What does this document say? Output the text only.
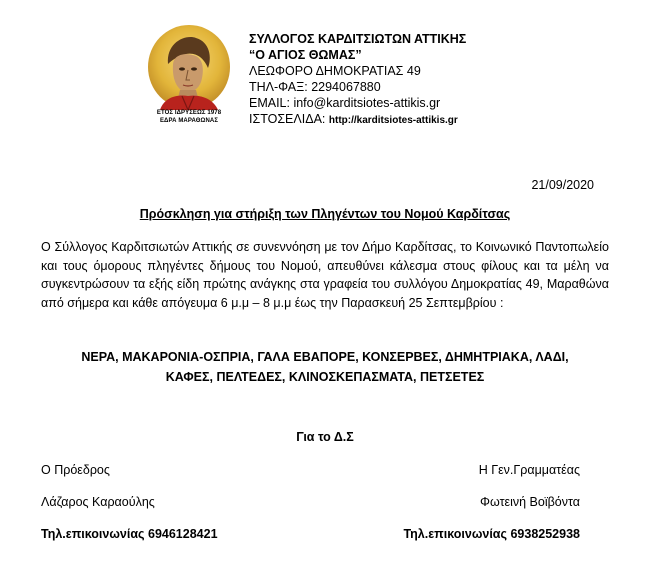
ΕΤΟΣ ΙΔΡΥΣΕΩΣ 1978
ΕΔΡΑ ΜΑΡΑΘΩΝΑΣ
ΣΥΛΛΟΓΟΣ ΚΑΡΔΙΤΣΙΩΤΩΝ ΑΤΤΙΚΗΣ
“Ο ΑΓΙΟΣ ΘΩΜΑΣ”
ΛΕΩΦΟΡΟ ΔΗΜΟΚΡΑΤΙΑΣ 49
ΤΗΛ-ΦΑΞ: 2294067880
EMAIL: info@karditsiotes-attikis.gr
ΙΣΤΟΣΕΛΙΔΑ: http://karditsiotes-attikis.gr
21/09/2020
Πρόσκληση για στήριξη των Πληγέντων του Νομού Καρδίτσας
Ο Σύλλογος Καρδιτσιωτών Αττικής σε συνεννόηση με τον Δήμο Καρδίτσας, το Κοινωνικό Παντοπωλείο και τους όμορους πληγέντες δήμους του Νομού, απευθύνει κάλεσμα στους φίλους και τα μέλη να συγκεντρώσουν τα εξής είδη πρώτης ανάγκης στα γραφεία του συλλόγου Δημοκρατίας 49, Μαραθώνα από σήμερα και κάθε απόγευμα 6 μ.μ – 8 μ.μ έως την Παρασκευή 25 Σεπτεμβρίου :
ΝΕΡΑ, ΜΑΚΑΡΟΝΙΑ-ΟΣΠΡΙΑ, ΓΑΛΑ ΕΒΑΠΟΡΕ, ΚΟΝΣΕΡΒΕΣ, ΔΗΜΗΤΡΙΑΚΑ, ΛΑΔΙ,
ΚΑΦΕΣ, ΠΕΛΤΕΔΕΣ, ΚΛΙΝΟΣΚΕΠΑΣΜΑΤΑ, ΠΕΤΣΕΤΕΣ
Για το Δ.Σ
Ο Πρόεδρος
Λάζαρος Καραούλης
Τηλ.επικοινωνίας 6946128421
Η Γεν.Γραμματέας
Φωτεινή Βοϊβόντα
Τηλ.επικοινωνίας 6938252938
